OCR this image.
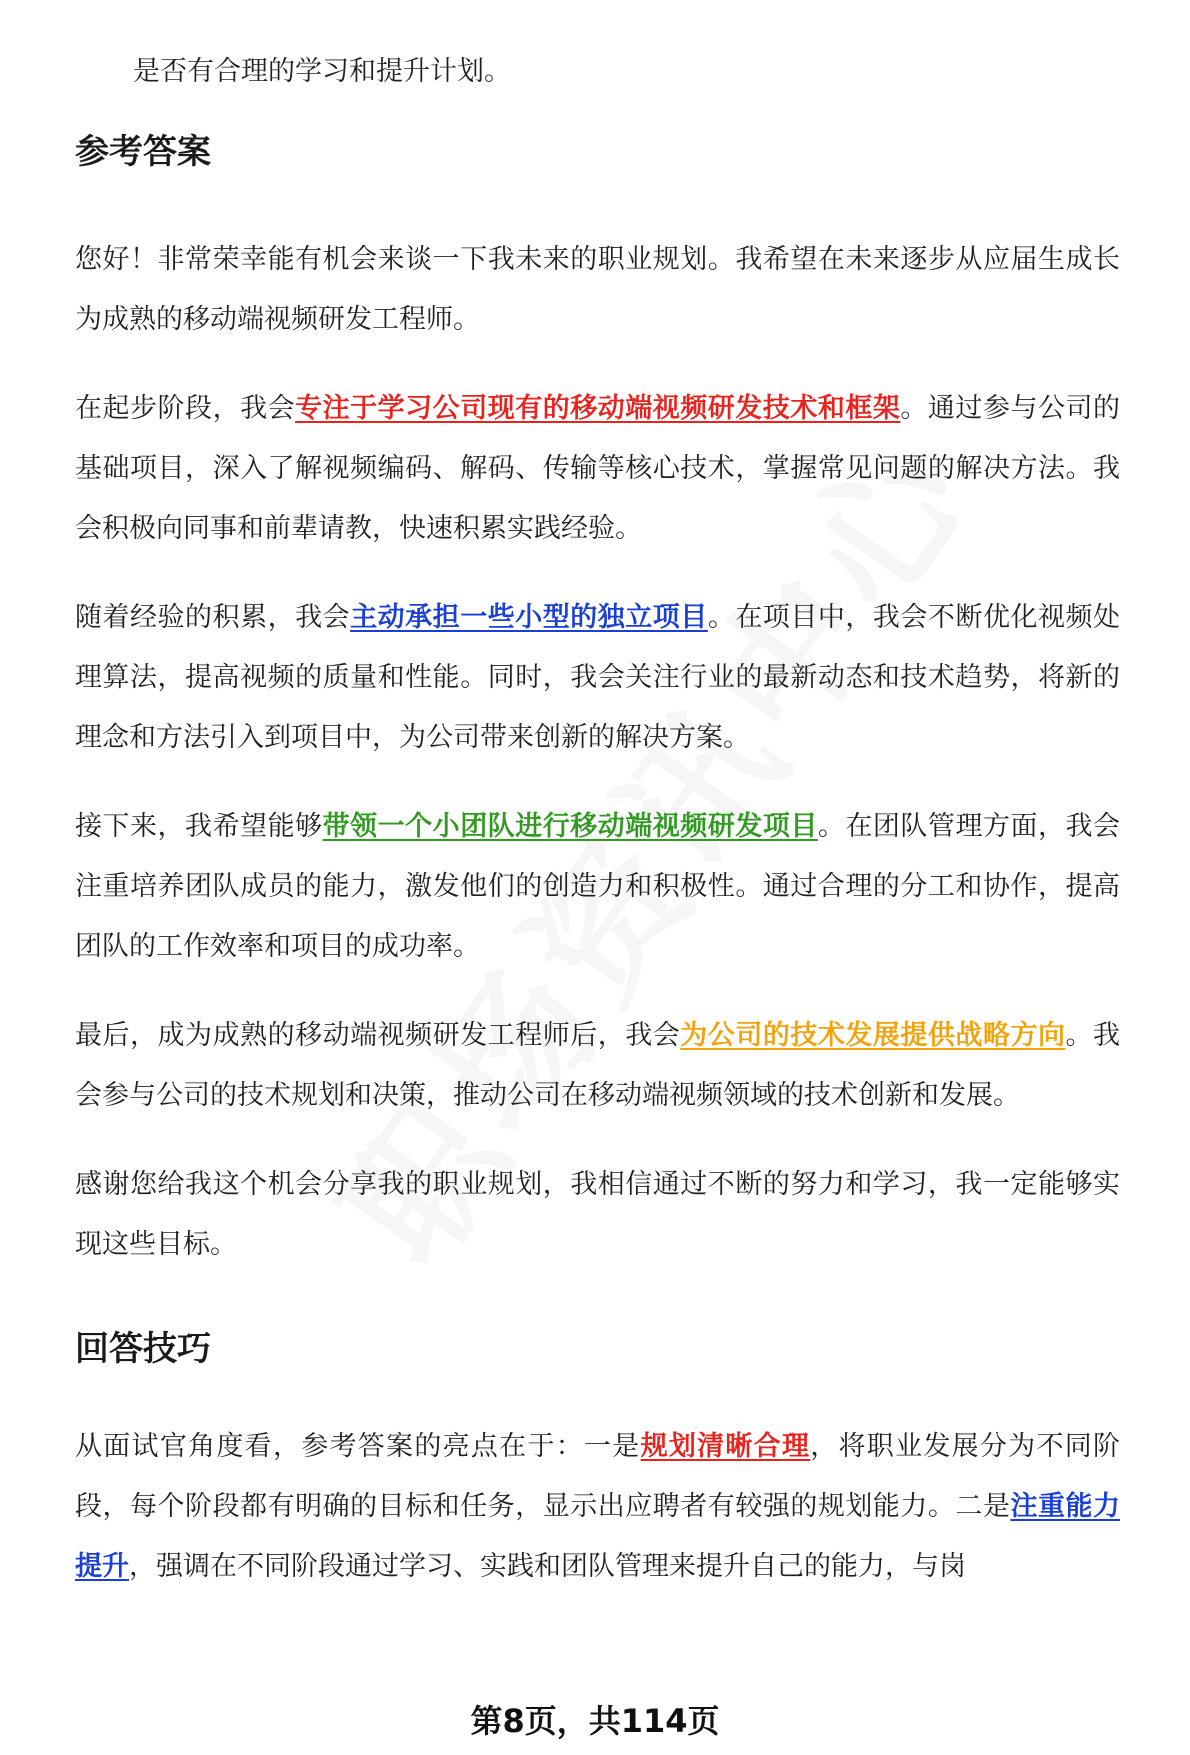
是否有合理的学习和提升计划。
参考答案

您好！非常荣幸能有机会来谈一下我未来的职业规划。我希望在未来逐步从应届生成长为成熟的移动端视频研发工程师。

在起步阶段，我会专注于学习公司现有的移动端视频研发技术和框架。通过参与公司的基础项目，深入了解视频编码、解码、传输等核心技术，掌握常见问题的解决方法。我会积极向同事和前辈请教，快速积累实践经验。

随着经验的积累，我会主动承担一些小型的独立项目。在项目中，我会不断优化视频处理算法，提高视频的质量和性能。同时，我会关注行业的最新动态和技术趋势，将新的理念和方法引入到项目中，为公司带来创新的解决方案。

接下来，我希望能够带领一个小团队进行移动端视频研发项目。在团队管理方面，我会注重培养团队成员的能力，激发他们的创造力和积极性。通过合理的分工和协作，提高团队的工作效率和项目的成功率。

最后，成为成熟的移动端视频研发工程师后，我会为公司的技术发展提供战略方向。我会参与公司的技术规划和决策，推动公司在移动端视频领域的技术创新和发展。

感谢您给我这个机会分享我的职业规划，我相信通过不断的努力和学习，我一定能够实现这些目标。

回答技巧

从面试官角度看，参考答案的亮点在于：一是规划清晰合理，将职业发展分为不同阶段，每个阶段都有明确的目标和任务，显示出应聘者有较强的规划能力。二是注重能力提升，强调在不同阶段通过学习、实践和团队管理来提升自己的能力，与岗

第8页，共114页
